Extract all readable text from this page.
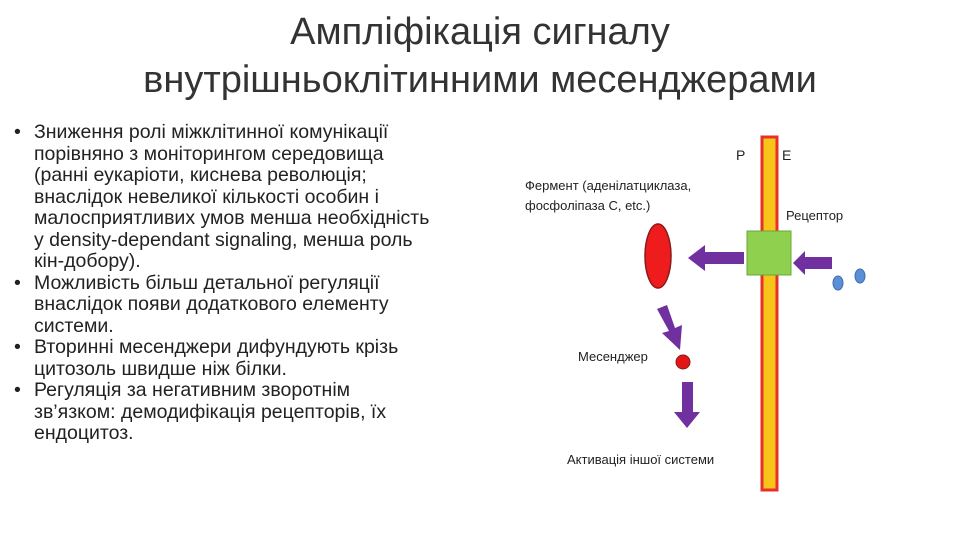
Ампліфікація сигналу
внутрішньоклітинними месенджерами
• Зниження ролі міжклітинної комунікації
порівняно з моніторингом середовища
(ранні еукаріоти, киснева революція;
внаслідок невеликої кількості особин і
малосприятливих умов менша необхідність
у density-dependant signaling, менша роль
кін-добору).
• Можливість більш детальної регуляції
внаслідок появи додаткового елементу
системи.
• Вторинні месенджери дифундують крізь
цитозоль швидше ніж білки.
• Регуляція за негативним зворотнім
зв’язком: демодифікація рецепторів, їх
ендоцитоз.
Р	Е
Фермент (аденілатциклаза,
фосфоліпаза С, etc.)
Рецептор
Месенджер
Активація іншої системи
